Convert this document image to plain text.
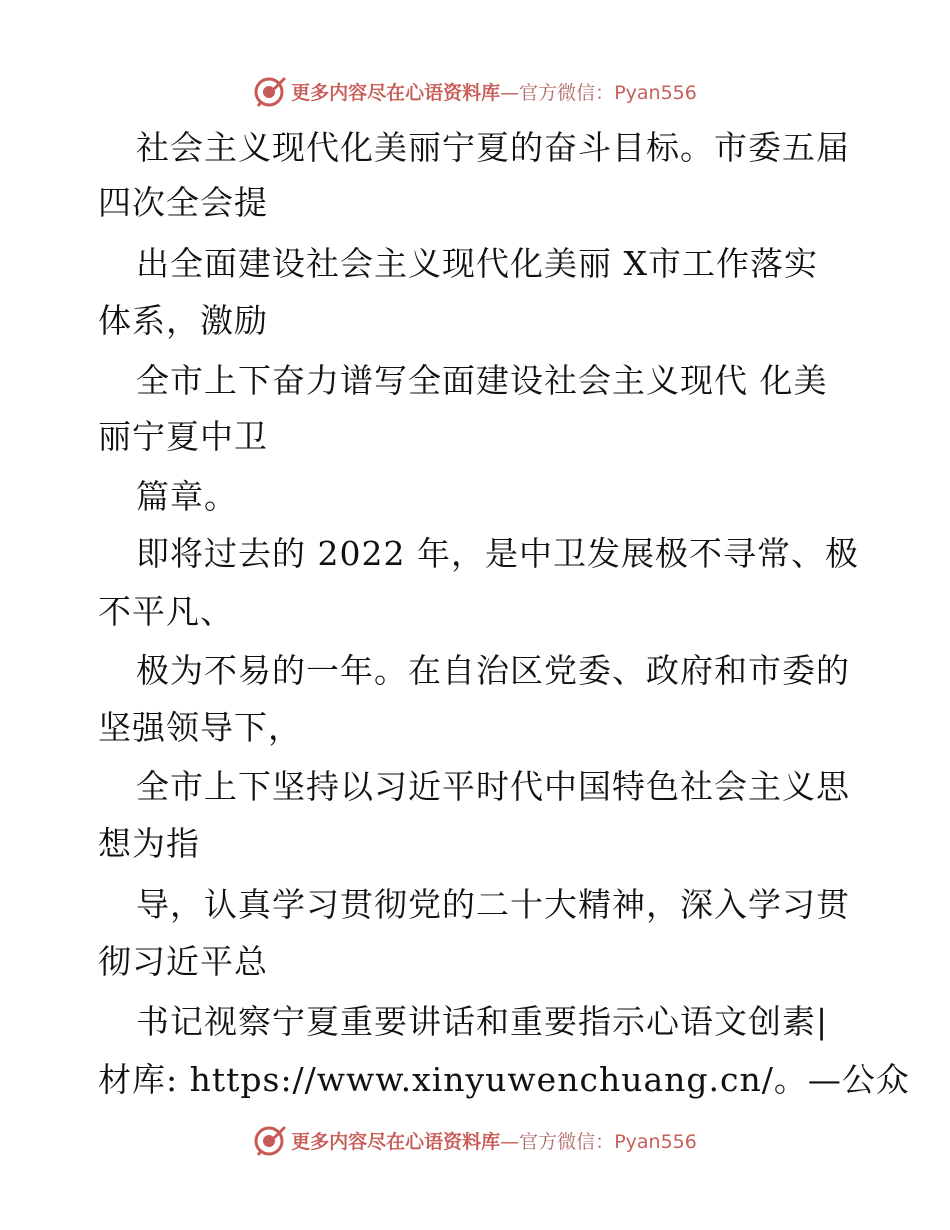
更多内容尽在心语资料库—官方微信：Pyan556
社会主义现代化美丽宁夏的奋斗目标。市委五届
四次全会提
出全面建设社会主义现代化美丽 X市工作落实
体系，激励
全市上下奋力谱写全面建设社会主义现代 化美
丽宁夏中卫
篇章。
即将过去的 2022 年，是中卫发展极不寻常、极
不平凡、
极为不易的一年。在自治区党委、政府和市委的
坚强领导下，
全市上下坚持以习近平时代中国特色社会主义思
想为指
导，认真学习贯彻党的二十大精神，深入学习贯
彻习近平总
书记视察宁夏重要讲话和重要指示心语文创素|
材库: https://www.xinyuwenchuang.cn/。—公众
更多内容尽在心语资料库—官方微信：Pyan556
